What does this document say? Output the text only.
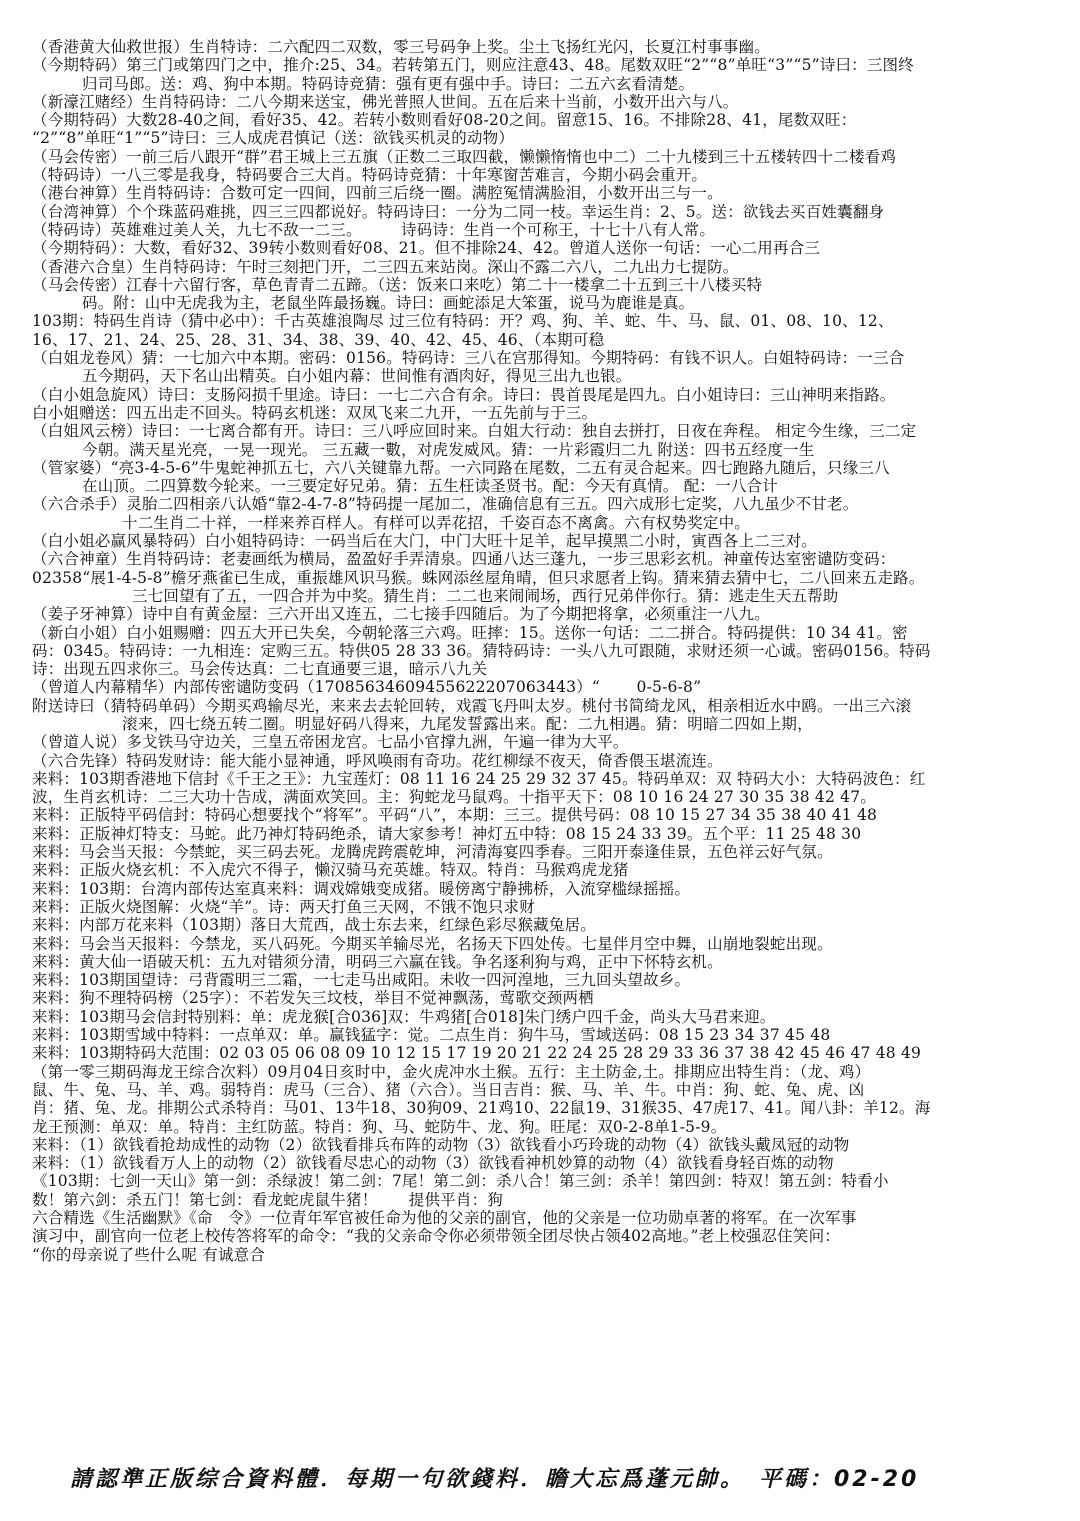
（香港黄大仙救世报）生肖特诗：二六配四二双数，零三号码争上奖。尘土飞扬红光闪，长夏江村事事幽。
（今期特码）第三门或第四门之中，推介:25、34。若转第五门，则应注意43、48。尾数双旺“2”“8”单旺“3”“5”诗曰：三图终
归司马郎。送：鸡、狗中本期。特码诗竞猜：强有更有强中手。诗曰：二五六玄看清楚。
（新濠江赌经）生肖特码诗：二八今期来送宝，佛光普照人世间。五在后来十当前，小数开出六与八。
（今期特码）大数28-40之间，看好35、42。若转小数则看好08-20之间。留意15、16。不排除28、41，尾数双旺：
“2”“8”单旺“1”“5”诗曰：三人成虎君慎记（送：欲钱买机灵的动物）
（马会传密）一前三后八跟开“群”君王城上三五旗（正数二三取四截，懒懒惰惰也中二）二十九楼到三十五楼转四十二楼看鸡
（特码诗）一八三零是我身，特码要合三大肖。特码诗竞猜：十年寒窗苦难言，今期小码会重开。
（港台神算）生肖特码诗：合数可定一四间，四前三后绕一圈。满腔冤情满脸泪，小数开出三与一。
（台湾神算）个个珠蓝码难挑，四三三四都说好。特码诗曰：一分为二同一枝。幸运生肖：2、5。送：欲钱去买百姓囊翻身
（特码诗）英雄难过美人关，九七不敌一二三。　　　诗码诗：生肖一个可称王，十七十八有人常。
（今期特码）：大数，看好32、39转小数则看好08、21。但不排除24、42。曾道人送你一句话：一心二用再合三
（香港六合皇）生肖特码诗：午时三刻把门开，二三四五来站岗。深山不露二六八，二九出力七提防。
（马会传密）江春十六留行客，草色青青二五蹄。（送：饭来口来吃）第二十一楼拿二十五到三十八楼买特
码。附：山中无虎我为主，老鼠坐阵最扬巍。诗曰：画蛇添足大笨蛋，说马为鹿谁是真。
103期：特码生肖诗（猜中必中）：千古英雄浪陶尽 过三位有特码：开？鸡、狗、羊、蛇、牛、马、鼠、01、08、10、12、
16、17、21、24、25、28、31、34、38、39、40、42、45、46、（本期可稳
（白姐龙卷风）猜：一七加六中本期。密码：0156。特码诗：三八在宫那得知。今期特码：有钱不识人。白姐特码诗：一三合
五今期码，天下名山出精英。白小姐内幕：世间惟有酒肉好，得见三出九也银。
（白小姐急旋风）诗曰：支肠闷损千里途。诗曰：一七二六合有余。诗曰：畏首畏尾是四九。白小姐诗曰：三山神明来指路。
白小姐赠送：四五出走不回头。特码玄机迷：双凤飞来二九开，一五先前与于三。
（白姐风云榜）诗曰：一七离合都有开。诗曰：三八呼应回时来。白姐大行动：独自去拼打，日夜在奔程。 相定今生缘，三二定
今朝。满天星光亮，一晃一现光。 三五藏一數，对虎发威风。猜：一片彩霞归二九 附送：四书五经度一生
（管家婆）“亮3-4-5-6”牛鬼蛇神抓五七，六八关键靠九帮。一六同路在尾数，二五有灵合起来。四七跑路九随后，只缘三八
在山顶。二四算数今轮来。一三要定好兄弟。猜：五生枉读圣贤书。配：今天有真情。 配：一八合计
（六合杀手）灵胎二四相亲八认婚“靠2-4-7-8”特码提一尾加二，准确信息有三五。四六成形七定奖，八九虽少不甘老。
十二生肖二十祥，一样来养百样人。有样可以弄花招，千姿百态不离禽。六有权势奖定中。
（白小姐必赢风暴特码）白小姐特码诗：一码当后在大门，中门大旺十足羊，起早摸黑二小时，寅酉各上二三对。
（六合神童）生肖特码诗：老妻画纸为横局，盈盈好手弄清泉。四通八达三蓬九，一步三思彩玄机。神童传达室密谴防变码：
02358“展1-4-5-8”檐牙燕雀已生成，重振雄风识马猴。蛛网添丝屋角晴，但只求愿者上钩。猜来猜去猜中七，二八回来五走路。
三七回望有了五，一四合并为中奖。猜生肖：二二也来闹闹场，西行兄弟伴你行。猜：逃走生天五帮助
（姜子牙神算）诗中自有黄金屋：三六开出又连五，二七接手四随后。为了今期把将拿，必须重注一八九。
（新白小姐）白小姐赐赠：四五大开已失矣，今朝轮落三六鸡。旺摔：15。送你一句话：二二拼合。特码提供：10 34 41。密
码：0345。特码诗：一九相连：定购三五。特供05 28 33 36。猜特码诗：一头八九可跟随，求财还须一心诚。密码0156。特码
诗：出现五四求你三。马会传达真：二七直通要三退，暗示八九关
（曾道人内幕精华）内部传密谴防变码（1708563460945562220706344​3）“　　 0-5-6-8”
附送诗曰（猜特码单码）今期买鸡输尽光，来来去去轮回转，戏霞飞丹叫太岁。桃付书简绮龙风，相亲相近水中鸥。一出三六滚
滚来，四七绕五转二圈。明显好码八得来，九尾发誓露出来。配：二九相遇。猜：明暗二四如上期，
（曾道人说）多戈铁马守边关，三皇五帝困龙宫。七品小官撑九洲，午遍一律为大平。
（六合先锋）特码发财诗：能大能小显神通，呼风唤雨有奇功。花红柳绿不夜天，倚香偎玉堪流连。
来料：103期香港地下信封《千王之王》：九宝莲灯：08 11 16 24 25 29 32 37 45。特码单双：双 特码大小：大特码波色：红
波，生肖玄机诗：二三大功十告成，满面欢笑回。主：狗蛇龙马鼠鸡。十指平天下：08 10 16 24 27 30 35 38 42 47。
来料：正版特平码信封：特码心想要找个“将军”。平码“八”，本期：三三。提供号码：08 10 15 27 34 35 38 40 41 48
来料：正版神灯特支：马蛇。此乃神灯特码绝杀，请大家参考！神灯五中特：08 15 24 33 39。五个平：11 25 48 30
来料：马会当天报：今禁蛇，买三码去死。龙腾虎跨震乾坤，河清海宴四季春。三阳开泰逢佳景，五色祥云好气氛。
来料：正版火烧玄机：不入虎穴不得子，懒汉骑马充英雄。特双。特肖：马猴鸡虎龙猪
来料：103期：台湾内部传达室真来料：调戏嫦娥变成猪。暖傍离宁静拂桥，入流穿槛绿摇摇。
来料：正版火烧图解：火烧“羊”。诗：两天打鱼三天网，不饿不饱只求财
来料：内部万花来料（103期）落日大荒西，战士东去来，红绿色彩尽猴藏兔居。
来料：马会当天报料：今禁龙，买八码死。今期买羊输尽光，名扬天下四处传。七星伴月空中舞，山崩地裂蛇出现。
来料：黄大仙一语破天机：五九对错须分清，明码三六赢在钱。争名逐利狗与鸡，正中下怀特玄机。
来料：103期国望诗：弓背霞明三二霜，一七走马出咸阳。未收一四河湟地，三九回头望故乡。
来料：狗不理特码榜（25字）：不若发矢三坟枝，举目不觉神飘荡，莺歌交颈两栖
来料：103期马会信封特别料：单：虎龙猴[合036]双：牛鸡猪[合018]朱门绣户四千金，尚头大马君来迎。
来料：103期雪域中特料：一点单双：单。赢钱猛字：觉。二点生肖：狗牛马，雪域送码：08 15 23 34 37 45 48
来料：103期特码大范围：02 03 05 06 08 09 10 12 15 17 19 20 21 22 24 25 28 29 33 36 37 38 42 45 46 47 48 49
（第一零三期码海龙王综合次料）09月04日亥时中，金火虎冲水土猴。五行：主土防金,土。排期应出特生肖：（龙、鸡）
鼠、牛、兔、马、羊、鸡。弱特肖：虎马（三合）、猪（六合）。当日吉肖：猴、马、羊、牛。中肖：狗、蛇、兔、虎、凶
肖：猪、兔、龙。排期公式杀特肖：马01、13牛18、30狗09、21鸡10、22鼠19、31猴35、47虎17、41。闻八卦：羊12。海
龙王预测：单双：单。特肖：主红防蓝。特肖：狗、马、蛇防牛、龙、狗。旺尾：双0-2-8单1-5-9。
来料：（1）欲钱看抢劫成性的动物（2）欲钱看排兵布阵的动物（3）欲钱看小巧玲珑的动物（4）欲钱头戴凤冠的动物
来料：（1）欲钱看万人上的动物（2）欲钱看尽忠心的动物（3）欲钱看神机妙算的动物（4）欲钱看身轻百炼的动物
《103期：七剑一天山》第一剑：杀绿波！第二剑：7尾！第二剑：杀八合！第三剑：杀羊！第四剑：特双！第五剑：特看小
数！第六剑：杀五门！第七剑：看龙蛇虎鼠牛猪！　　提供平肖：狗
六合精选《生活幽默》《命　令》一位青年军官被任命为他的父亲的副官，他的父亲是一位功勋卓著的将军。在一次军事
演习中，副官向一位老上校传答将军的命令：“我的父亲命令你必须带领全团尽快占领402高地。”老上校强忍住笑问：
“你的母亲说了些什么呢 有诚意合
請認準正版综合資料體．每期一句欲錢料．瞻大忘爲蓬元帥。　平碼：02-20
